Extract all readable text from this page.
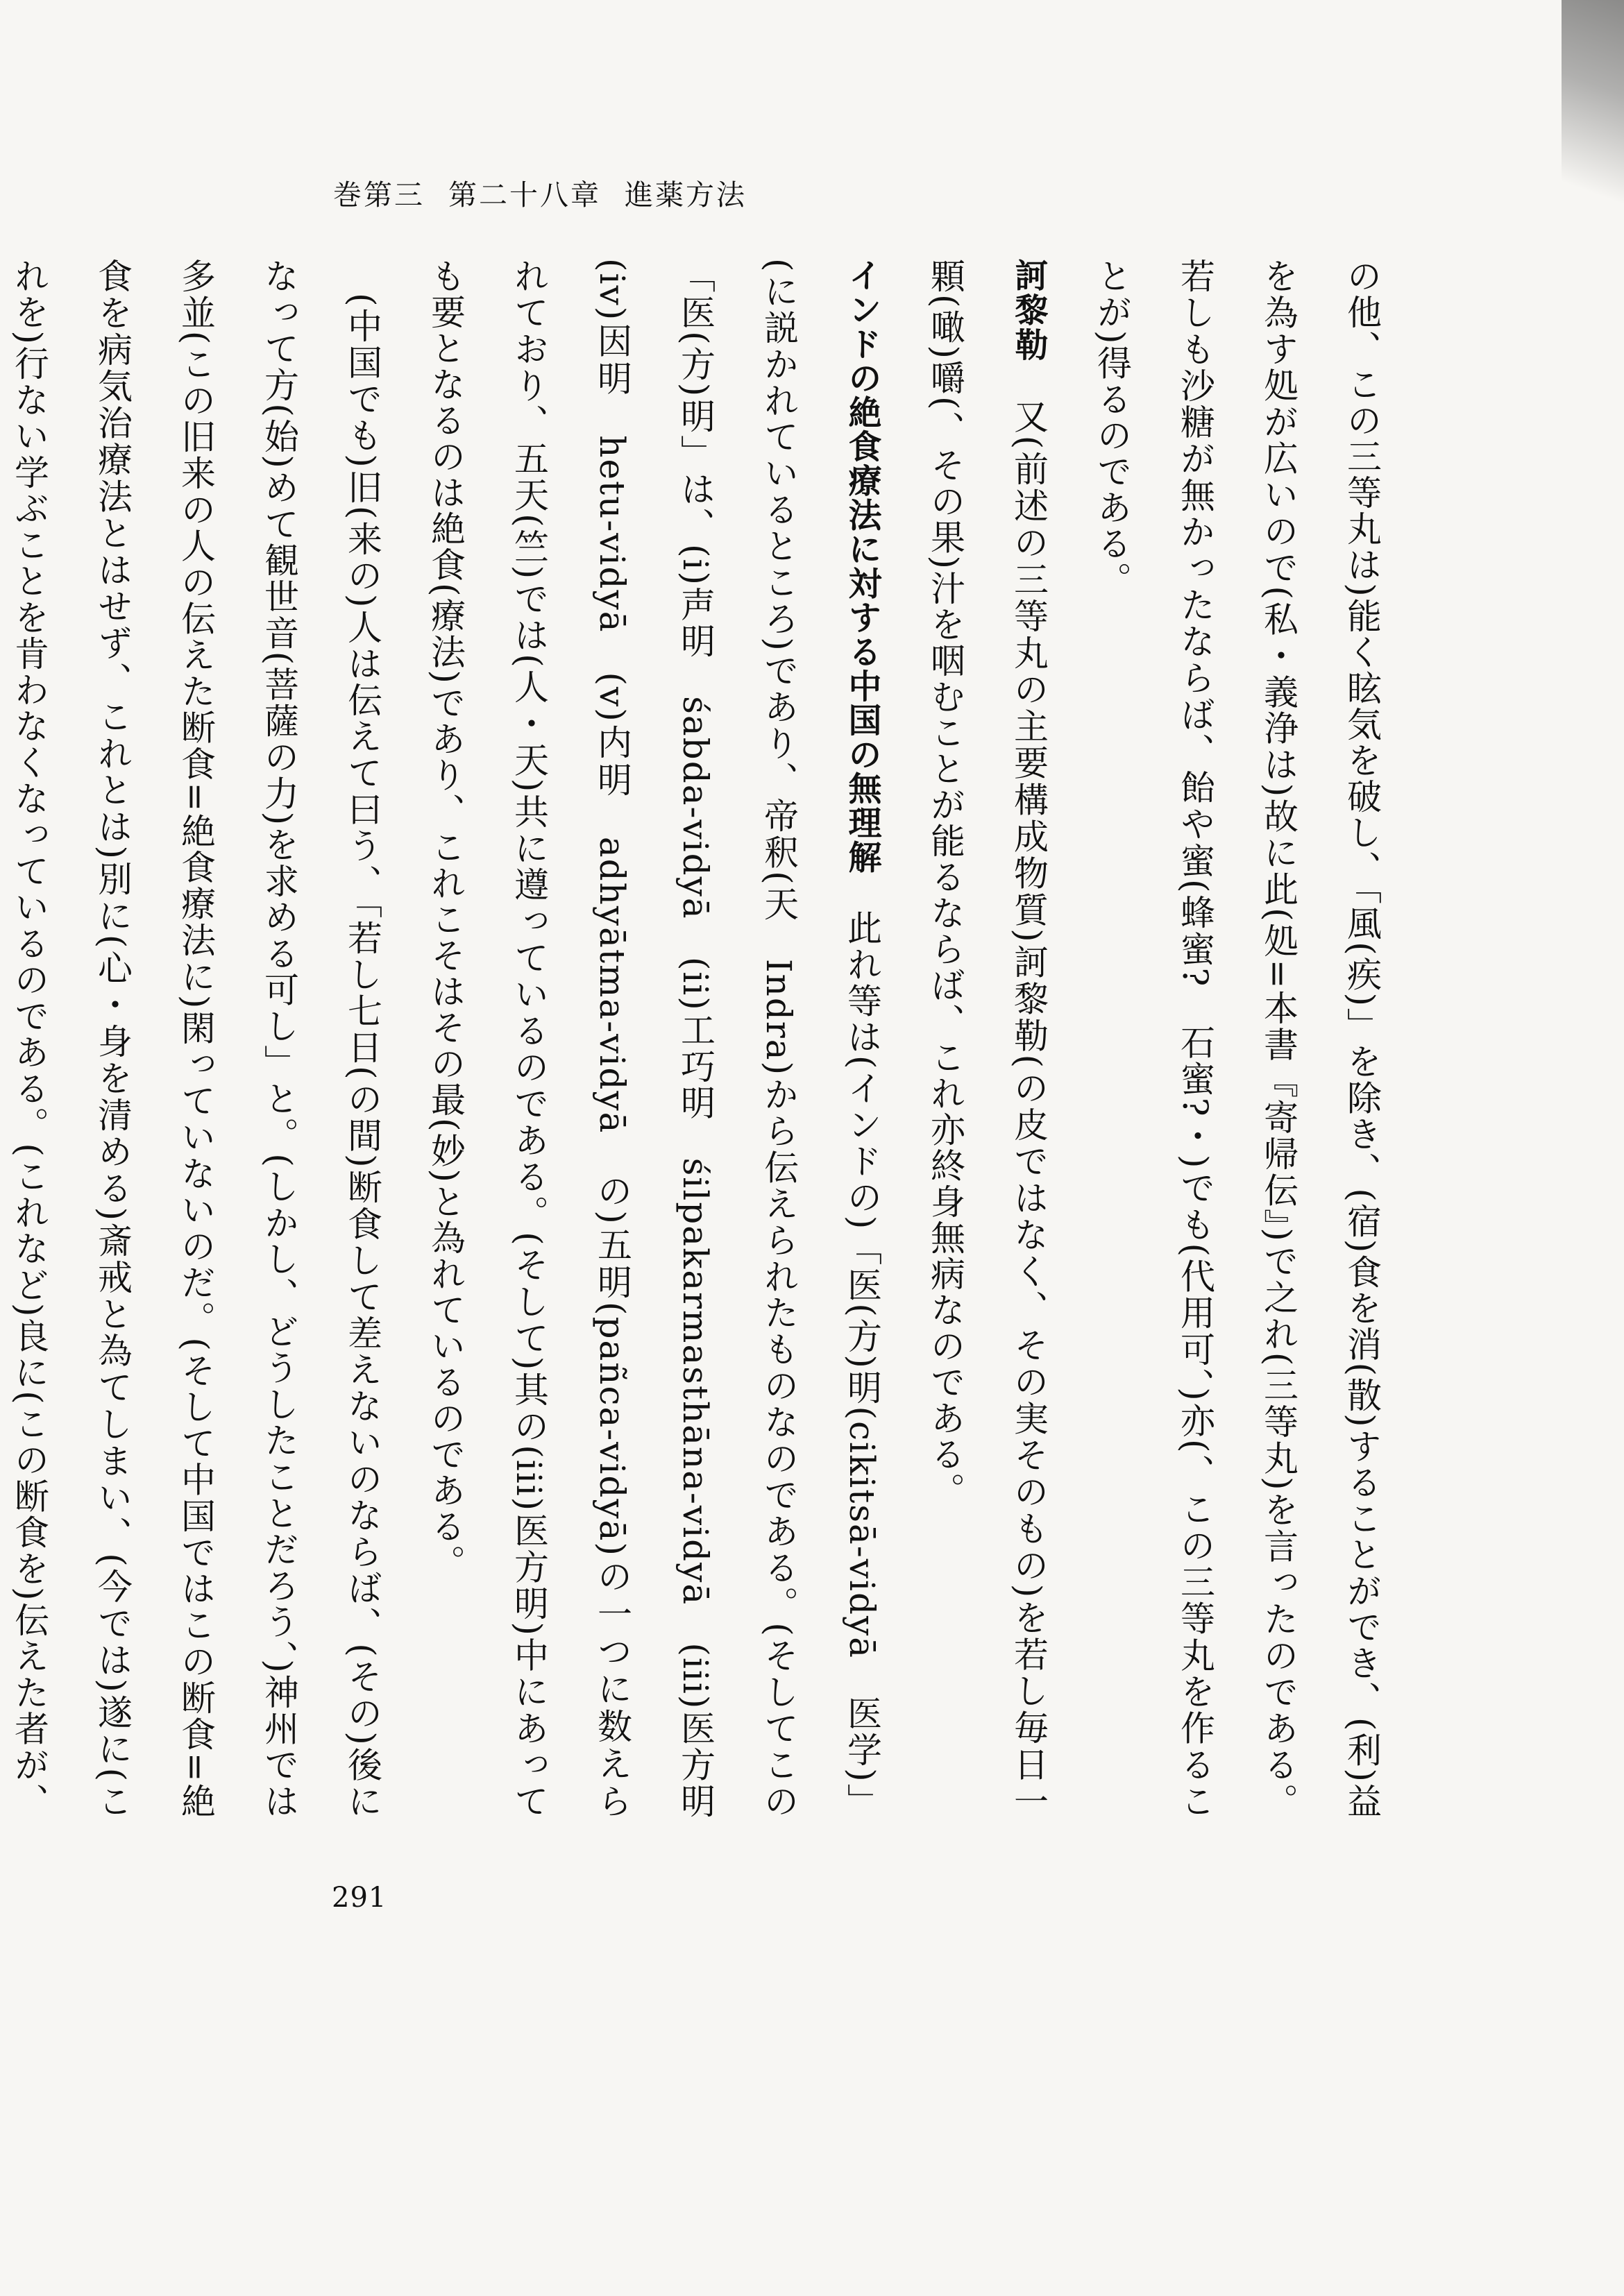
巻第三 第二十八章 進薬方法

の他、この三等丸は)能く眩気を破し、「風(疾)」を除き、(宿)食を消(散)することができ、(利)益を為す処が広いので(私・義浄は)故に此(処=本書『寄帰伝』)で之れ(三等丸)を言ったのである。若しも沙糖が無かったならば、飴や蜜(蜂蜜?　石蜜?・)でも(代用可、)亦(、この三等丸を作ることが)得るのである。

訶黎勒　又(前述の三等丸の主要構成物質)訶黎勒(の皮ではなく、その実そのもの)を若し毎日一顆(噉)嚼(、その果)汁を咽むことが能るならば、これ亦終身無病なのである。

インドの絶食療法に対する中国の無理解　此れ等は(インドの)「医(方)明(cikitsā-vidyā　医学)」(に説かれているところ)であり、帝釈(天　Indra)から伝えられたものなのである。(そしてこの「医(方)明」は、(i)声明　śabda-vidyā　(ii)工巧明　śilpakarmasthāna-vidyā　(iii)医方明　(iv)因明　hetu-vidyā　(v)内明　adhyātma-vidyā　の)五明(pañca-vidyā)の一つに数えられており、五天(竺)では(人・天)共に遵っているのである。(そして)其の(iii)医方明)中にあっても要となるのは絶食(療法)であり、これこそはその最(妙)と為れているのである。

(中国でも)旧(来の)人は伝えて曰う、「若し七日(の間)断食して差えないのならば、(その)後になって方(始)めて観世音(菩薩の力)を求める可し」と。(しかし、どうしたことだろう、)神州では多並(この旧来の人の伝えた断食=絶食療法に)閑っていないのだ。(そして中国ではこの断食=絶食を病気治療法とはせず、これとは)別に(心・身を清める)斎戒と為てしまい、(今では)遂に(これを)行ない学ぶことを肯わなくなっているのである。(これなど)良に(この断食を)伝えた者が、

291
